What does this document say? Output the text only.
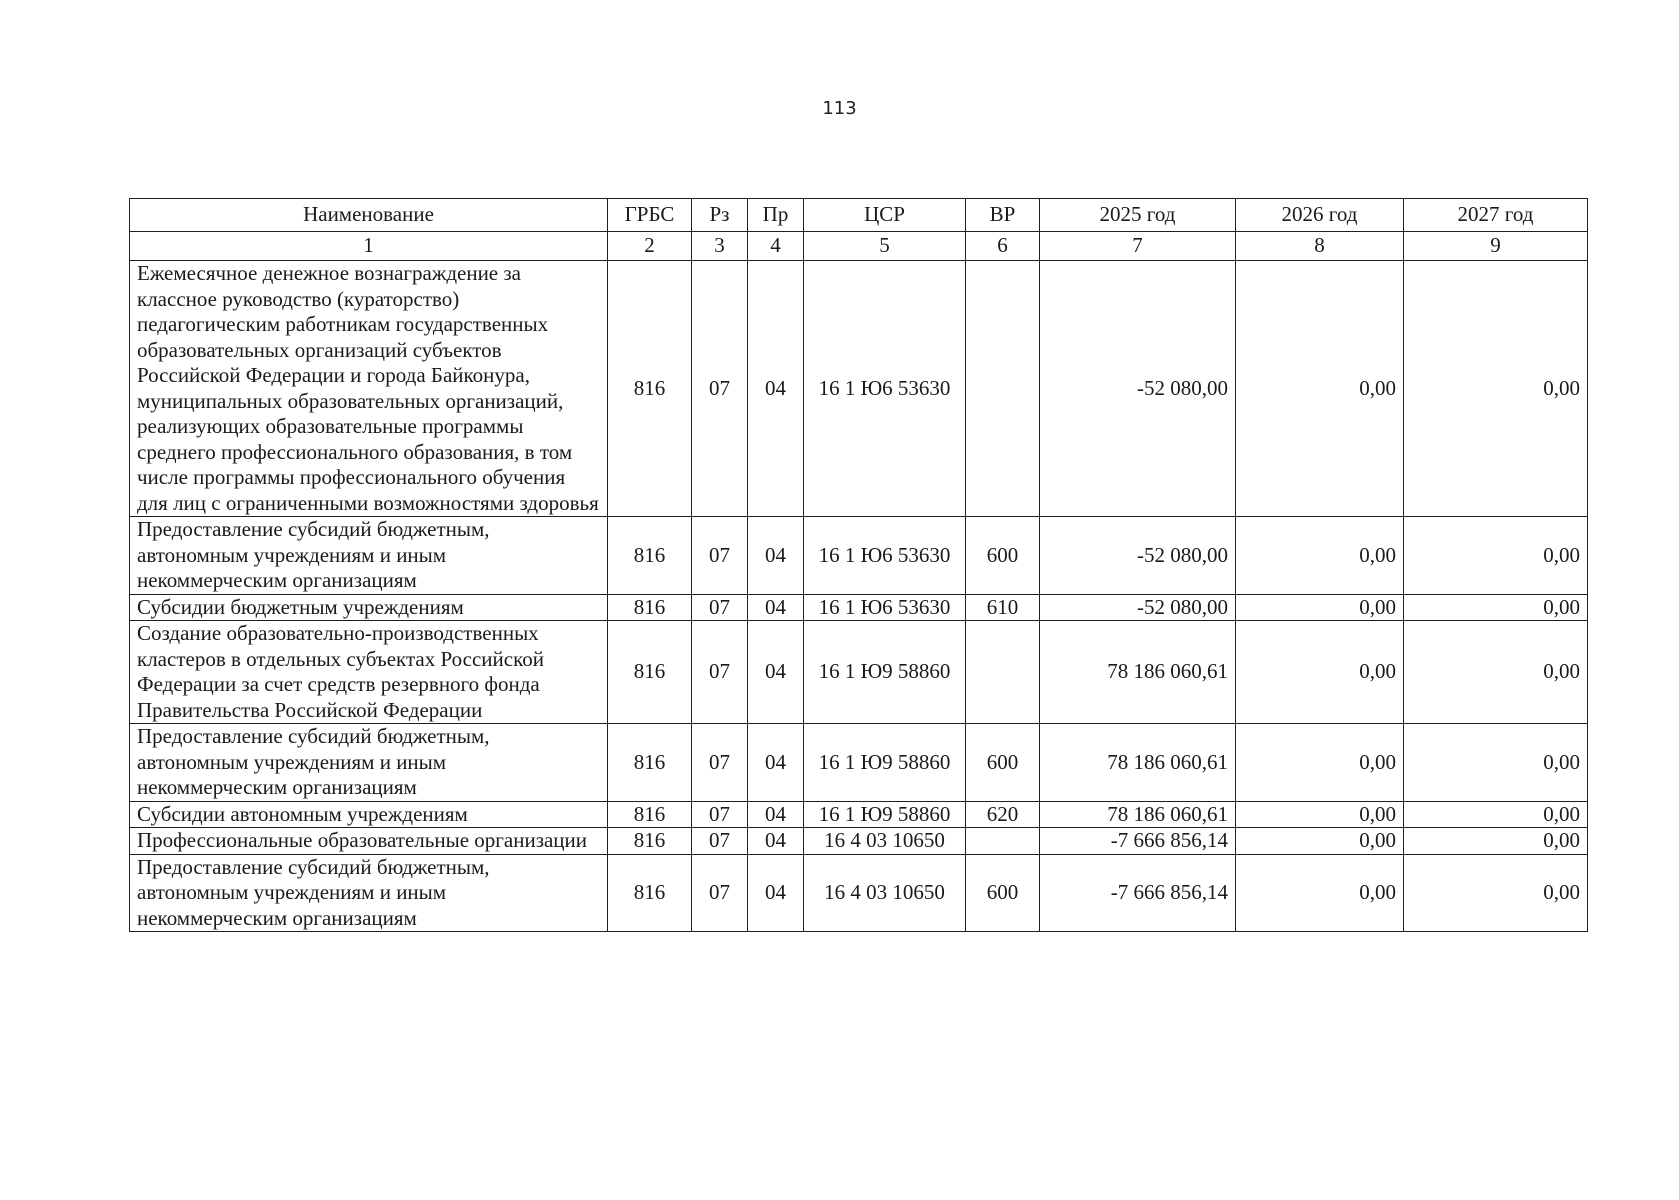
113
Наименование	ГРБС	Рз	Пр	ЦСР	ВР	2025 год	2026 год	2027 год
1	2	3	4	5	6	7	8	9
Ежемесячное денежное вознаграждение за классное руководство (кураторство) педагогическим работникам государственных образовательных организаций субъектов Российской Федерации и города Байконура, муниципальных образовательных организаций, реализующих образовательные программы среднего профессионального образования, в том числе программы профессионального обучения для лиц с ограниченными возможностями здоровья	816	07	04	16 1 Ю6 53630		-52 080,00	0,00	0,00
Предоставление субсидий бюджетным, автономным учреждениям и иным некоммерческим организациям	816	07	04	16 1 Ю6 53630	600	-52 080,00	0,00	0,00
Субсидии бюджетным учреждениям	816	07	04	16 1 Ю6 53630	610	-52 080,00	0,00	0,00
Создание образовательно-производственных кластеров в отдельных субъектах Российской Федерации за счет средств резервного фонда Правительства Российской Федерации	816	07	04	16 1 Ю9 58860		78 186 060,61	0,00	0,00
Предоставление субсидий бюджетным, автономным учреждениям и иным некоммерческим организациям	816	07	04	16 1 Ю9 58860	600	78 186 060,61	0,00	0,00
Субсидии автономным учреждениям	816	07	04	16 1 Ю9 58860	620	78 186 060,61	0,00	0,00
Профессиональные образовательные организации	816	07	04	16 4 03 10650		-7 666 856,14	0,00	0,00
Предоставление субсидий бюджетным, автономным учреждениям и иным некоммерческим организациям	816	07	04	16 4 03 10650	600	-7 666 856,14	0,00	0,00
